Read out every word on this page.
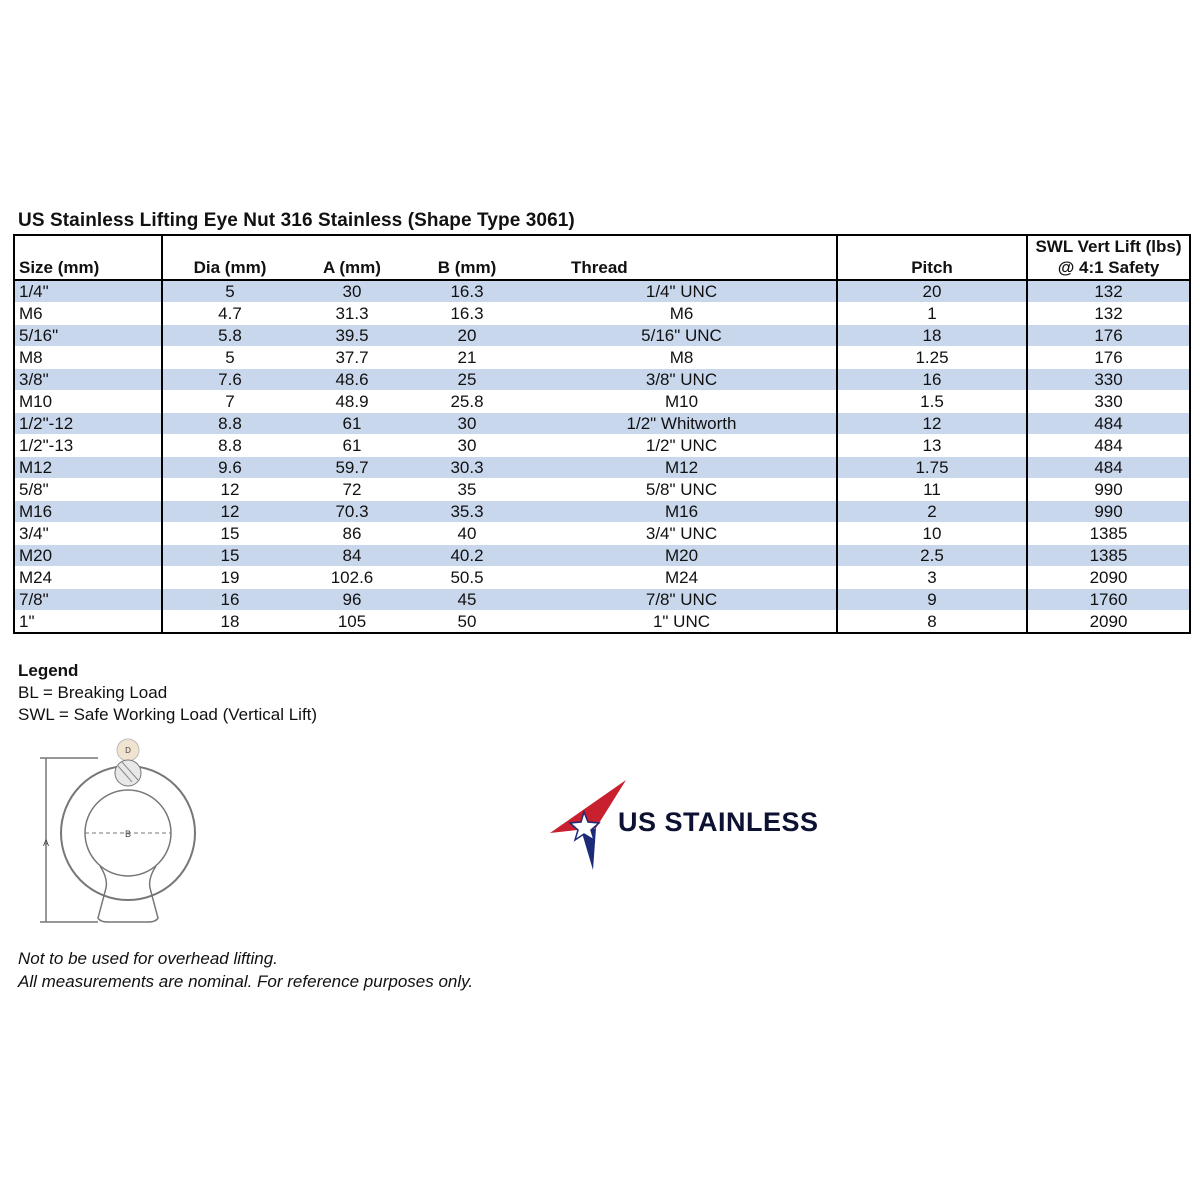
US Stainless Lifting Eye Nut 316 Stainless (Shape Type 3061)
Size (mm)	Dia (mm)	A (mm)	B (mm)	Thread	Pitch	SWL Vert Lift (lbs)
@ 4:1 Safety

1/4"	5	30	16.3	1/4" UNC	20	132
M6	4.7	31.3	16.3	M6	1	132
5/16"	5.8	39.5	20	5/16" UNC	18	176
M8	5	37.7	21	M8	1.25	176
3/8"	7.6	48.6	25	3/8" UNC	16	330
M10	7	48.9	25.8	M10	1.5	330
1/2"-12	8.8	61	30	1/2" Whitworth	12	484
1/2"-13	8.8	61	30	1/2" UNC	13	484
M12	9.6	59.7	30.3	M12	1.75	484
5/8"	12	72	35	5/8" UNC	11	990
M16	12	70.3	35.3	M16	2	990
3/4"	15	86	40	3/4" UNC	10	1385
M20	15	84	40.2	M20	2.5	1385
M24	19	102.6	50.5	M24	3	2090
7/8"	16	96	45	7/8" UNC	9	1760
1"	18	105	50	1" UNC	8	2090
Legend
BL = Breaking Load
SWL = Safe Working Load (Vertical Lift)
A
B
D
US STAINLESS
Not to be used for overhead lifting.
All measurements are nominal. For reference purposes only.
